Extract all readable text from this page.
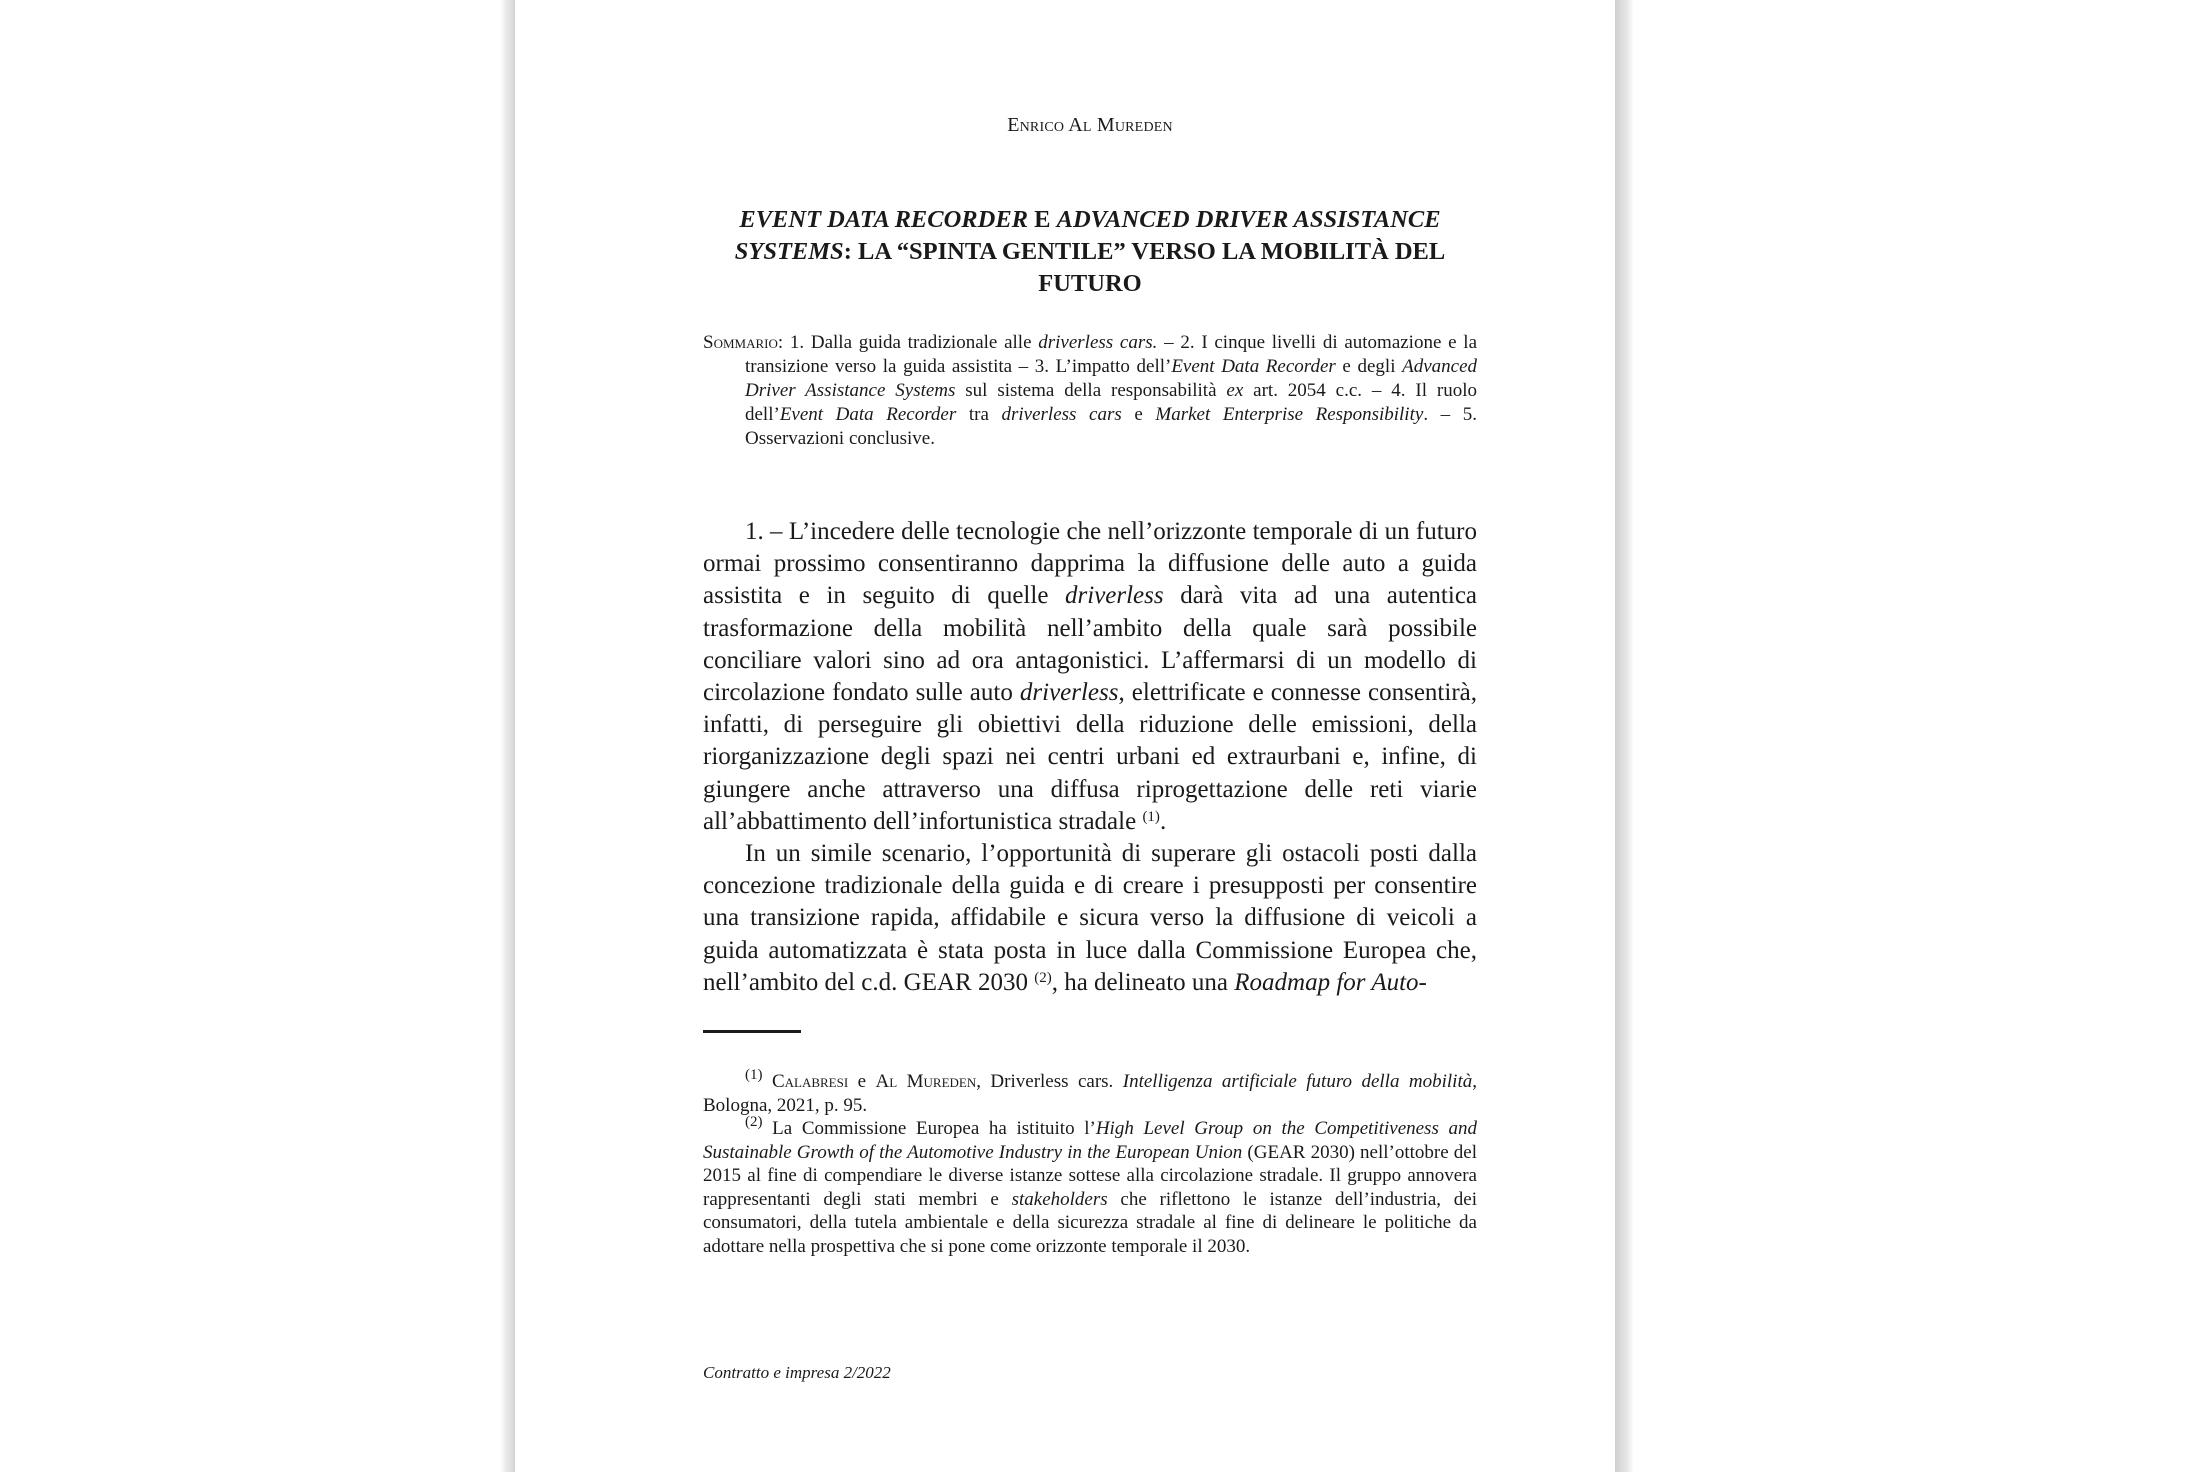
Enrico Al Mureden
EVENT DATA RECORDER E ADVANCED DRIVER ASSISTANCE SYSTEMS: LA “SPINTA GENTILE” VERSO LA MOBILITÀ DEL FUTURO
Sommario: 1. Dalla guida tradizionale alle driverless cars. – 2. I cinque livelli di automazione e la transizione verso la guida assistita – 3. L’impatto dell’Event Data Recorder e degli Advanced Driver Assistance Systems sul sistema della responsabilità ex art. 2054 c.c. – 4. Il ruolo dell’Event Data Recorder tra driverless cars e Market Enterprise Responsibility. – 5. Osservazioni conclusive.

1. – L’incedere delle tecnologie che nell’orizzonte temporale di un futuro ormai prossimo consentiranno dapprima la diffusione delle auto a guida assistita e in seguito di quelle driverless darà vita ad una autentica trasformazione della mobilità nell’ambito della quale sarà possibile conciliare valori sino ad ora antagonistici. L’affermarsi di un modello di circolazione fondato sulle auto driverless, elettrificate e connesse consentirà, infatti, di perseguire gli obiettivi della riduzione delle emissioni, della riorganizzazione degli spazi nei centri urbani ed extraurbani e, infine, di giungere anche attraverso una diffusa riprogettazione delle reti viarie all’abbattimento dell’infortunistica stradale $^{(1)}$.

In un simile scenario, l’opportunità di superare gli ostacoli posti dalla concezione tradizionale della guida e di creare i presupposti per consentire una transizione rapida, affidabile e sicura verso la diffusione di veicoli a guida automatizzata è stata posta in luce dalla Commissione Europea che, nell’ambito del c.d. GEAR 2030 $^{(2)}$, ha delineato una Roadmap for Auto-

$^{(1)}$ Calabresi e Al Mureden, Driverless cars. Intelligenza artificiale futuro della mobilità, Bologna, 2021, p. 95.

$^{(2)}$ La Commissione Europea ha istituito l’High Level Group on the Competitiveness and Sustainable Growth of the Automotive Industry in the European Union (GEAR 2030) nell’ottobre del 2015 al fine di compendiare le diverse istanze sottese alla circolazione stradale. Il gruppo annovera rappresentanti degli stati membri e stakeholders che riflettono le istanze dell’industria, dei consumatori, della tutela ambientale e della sicurezza stradale al fine di delineare le politiche da adottare nella prospettiva che si pone come orizzonte temporale il 2030.

Contratto e impresa 2/2022
